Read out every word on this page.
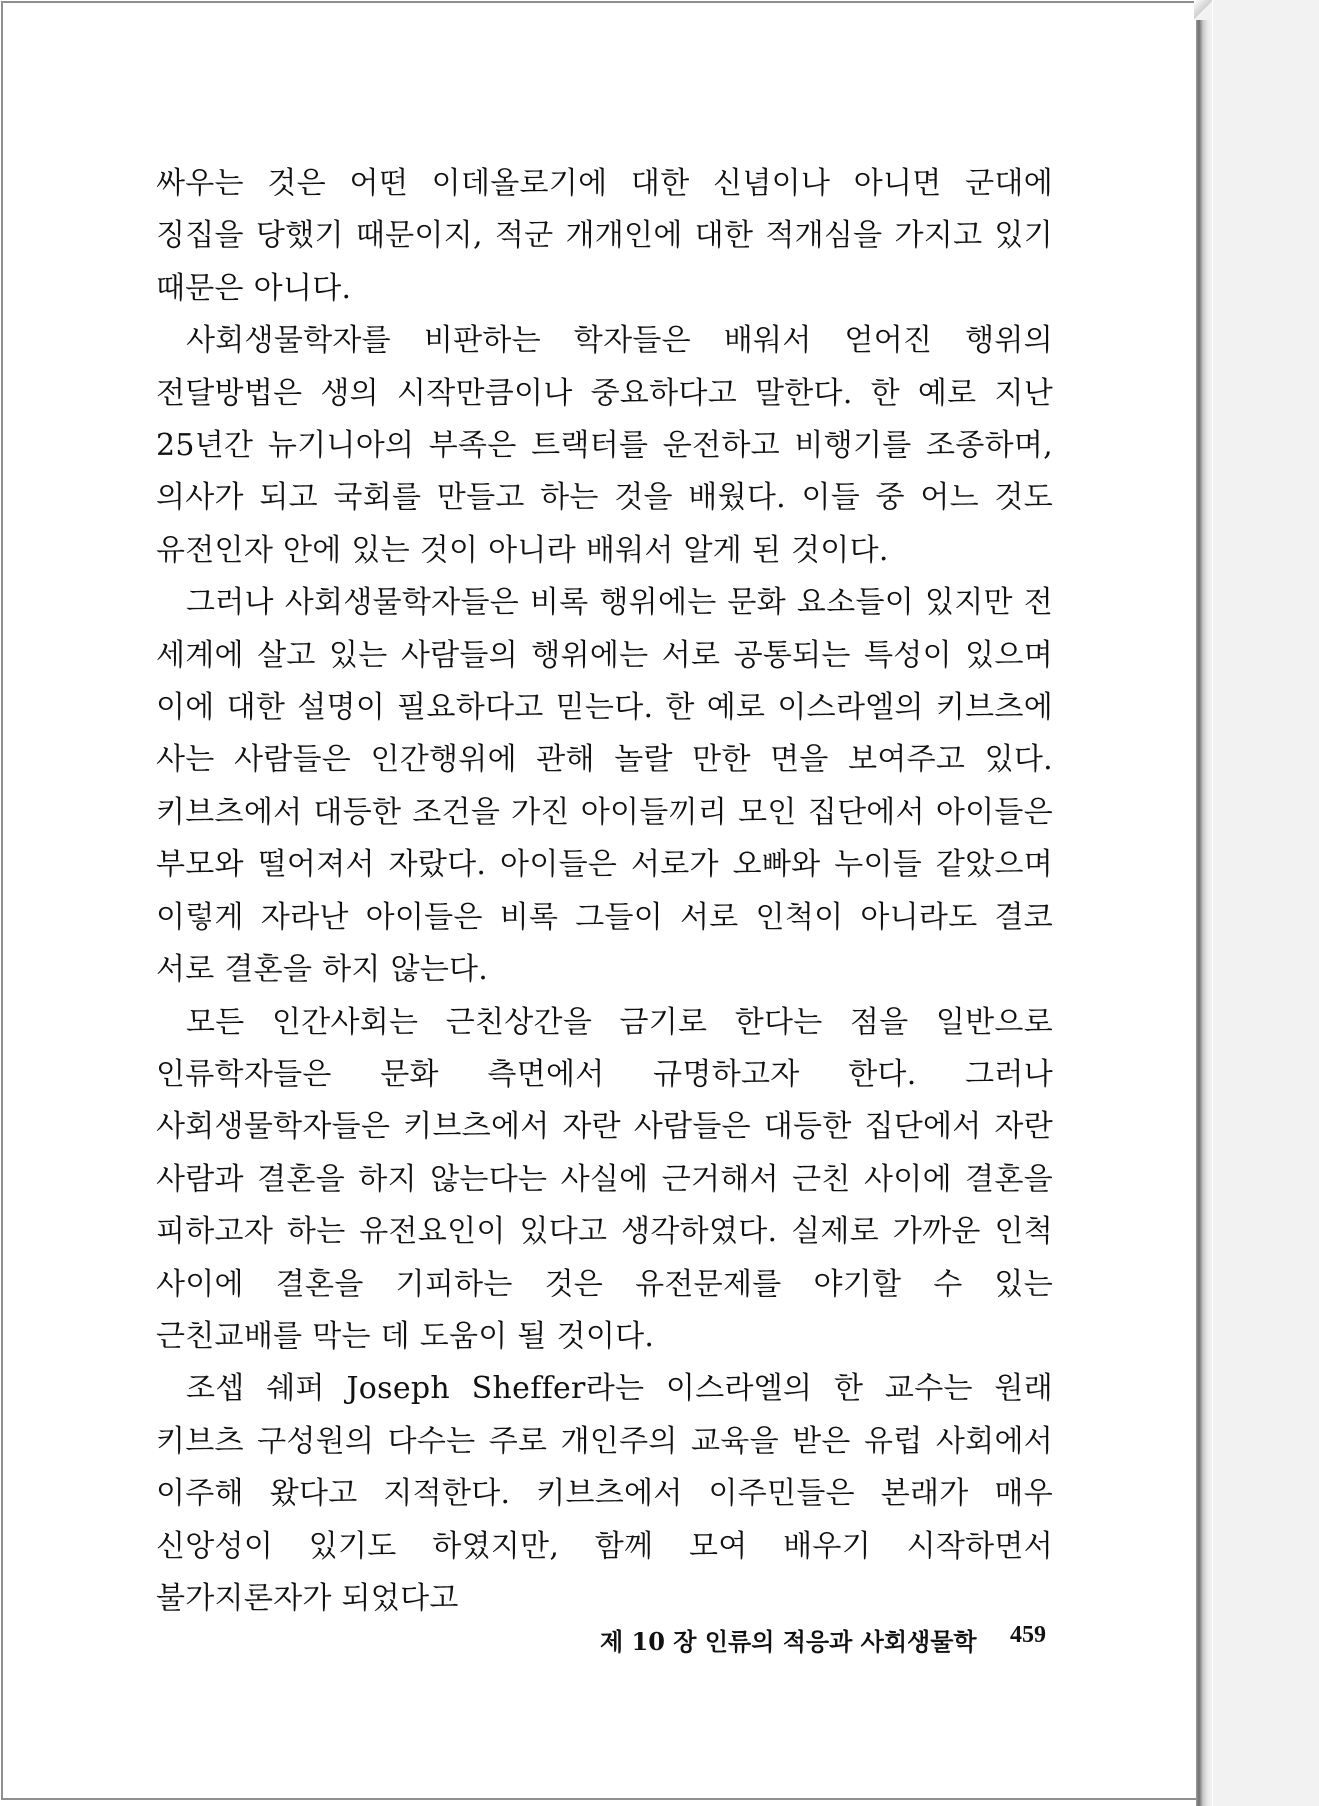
싸우는 것은 어떤 이데올로기에 대한 신념이나 아니면 군대에 징집을 당했기 때문이지, 적군 개개인에 대한 적개심을 가지고 있기 때문은 아니다.

사회생물학자를 비판하는 학자들은 배워서 얻어진 행위의 전달방법은 생의 시작만큼이나 중요하다고 말한다. 한 예로 지난 25년간 뉴기니아의 부족은 트랙터를 운전하고 비행기를 조종하며, 의사가 되고 국회를 만들고 하는 것을 배웠다. 이들 중 어느 것도 유전인자 안에 있는 것이 아니라 배워서 알게 된 것이다.

그러나 사회생물학자들은 비록 행위에는 문화 요소들이 있지만 전 세계에 살고 있는 사람들의 행위에는 서로 공통되는 특성이 있으며 이에 대한 설명이 필요하다고 믿는다. 한 예로 이스라엘의 키브츠에 사는 사람들은 인간행위에 관해 놀랄 만한 면을 보여주고 있다. 키브츠에서 대등한 조건을 가진 아이들끼리 모인 집단에서 아이들은 부모와 떨어져서 자랐다. 아이들은 서로가 오빠와 누이들 같았으며 이렇게 자라난 아이들은 비록 그들이 서로 인척이 아니라도 결코 서로 결혼을 하지 않는다.

모든 인간사회는 근친상간을 금기로 한다는 점을 일반으로 인류학자들은 문화 측면에서 규명하고자 한다. 그러나 사회생물학자들은 키브츠에서 자란 사람들은 대등한 집단에서 자란 사람과 결혼을 하지 않는다는 사실에 근거해서 근친 사이에 결혼을 피하고자 하는 유전요인이 있다고 생각하였다. 실제로 가까운 인척 사이에 결혼을 기피하는 것은 유전문제를 야기할 수 있는 근친교배를 막는 데 도움이 될 것이다.

조셉 쉐퍼 Joseph Sheffer라는 이스라엘의 한 교수는 원래 키브츠 구성원의 다수는 주로 개인주의 교육을 받은 유럽 사회에서 이주해 왔다고 지적한다. 키브츠에서 이주민들은 본래가 매우 신앙성이 있기도 하였지만, 함께 모여 배우기 시작하면서 불가지론자가 되었다고

제 10 장 인류의 적응과 사회생물학 459
